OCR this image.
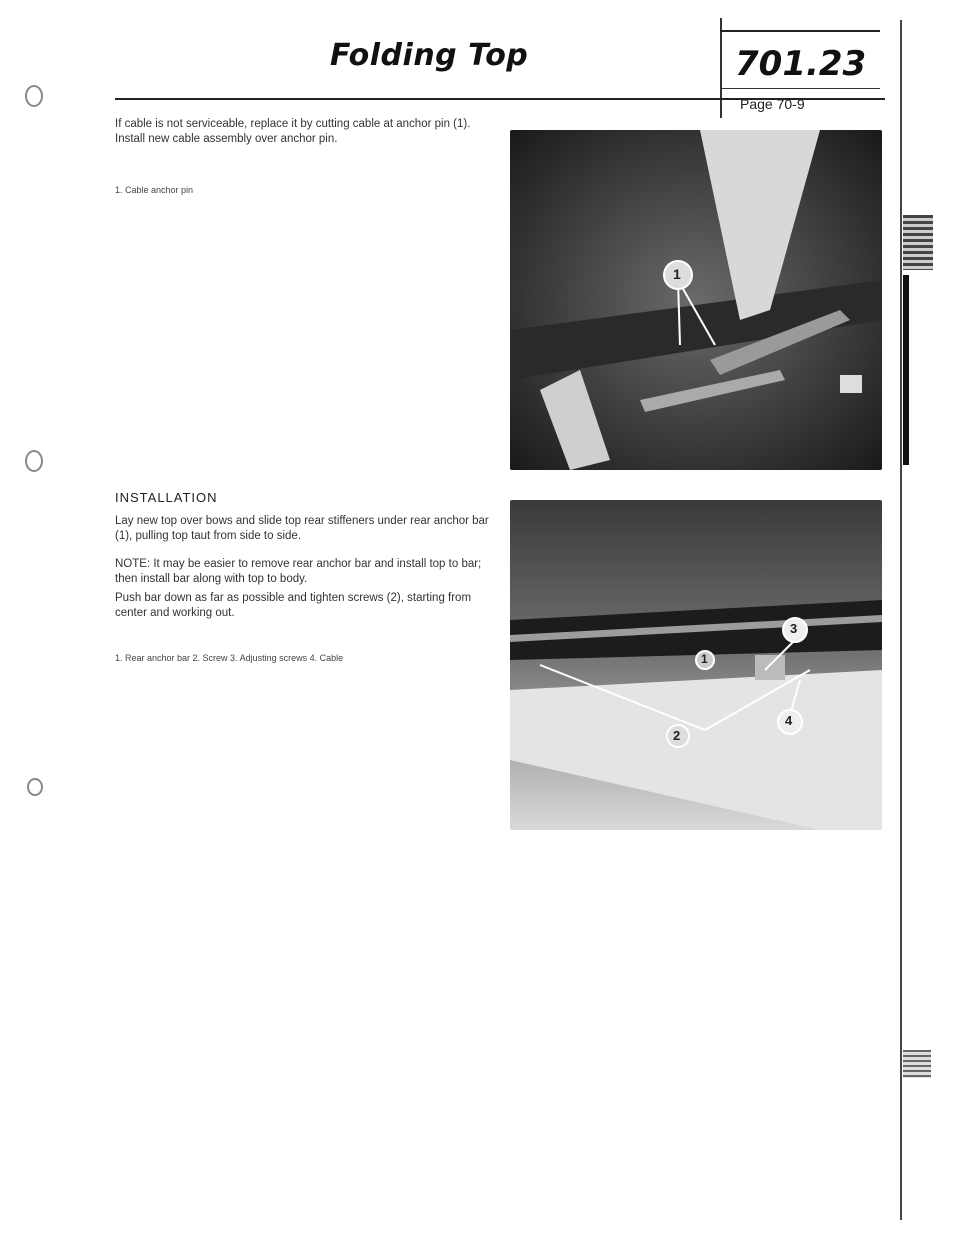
Folding Top	701.23
Page 70-9
If cable is not serviceable, replace it by cutting cable at anchor pin (1). Install new cable assembly over anchor pin.
1. Cable anchor pin
1
INSTALLATION
Lay new top over bows and slide top rear stiffeners under rear anchor bar (1), pulling top taut from side to side.
NOTE: It may be easier to remove rear anchor bar and install top to bar; then install bar along with top to body.
Push bar down as far as possible and tighten screws (2), starting from center and working out.
1. Rear anchor bar 2. Screw 3. Adjusting screws 4. Cable	1
2
3
4
